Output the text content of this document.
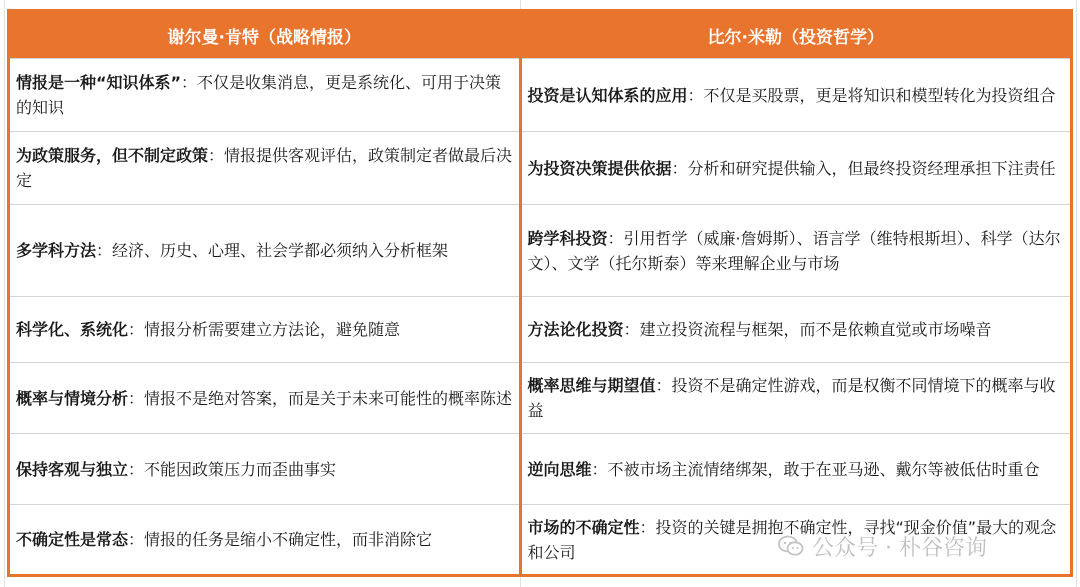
谢尔曼·肯特（战略情报）	比尔·米勒（投资哲学）
情报是一种“知识体系”：不仅是收集消息，更是系统化、可用于决策的知识	投资是认知体系的应用：不仅是买股票，更是将知识和模型转化为投资组合
为政策服务，但不制定政策：情报提供客观评估，政策制定者做最后决定	为投资决策提供依据：分析和研究提供输入，但最终投资经理承担下注责任
多学科方法：经济、历史、心理、社会学都必须纳入分析框架	跨学科投资：引用哲学（威廉·詹姆斯）、语言学（维特根斯坦）、科学（达尔文）、文学（托尔斯泰）等来理解企业与市场
科学化、系统化：情报分析需要建立方法论，避免随意	方法论化投资：建立投资流程与框架，而不是依赖直觉或市场噪音
概率与情境分析：情报不是绝对答案，而是关于未来可能性的概率陈述	概率思维与期望值：投资不是确定性游戏，而是权衡不同情境下的概率与收益
保持客观与独立：不能因政策压力而歪曲事实	逆向思维：不被市场主流情绪绑架，敢于在亚马逊、戴尔等被低估时重仓
不确定性是常态：情报的任务是缩小不确定性，而非消除它	市场的不确定性：投资的关键是拥抱不确定性，寻找“现金价值”最大的观念和公司	公众号 · 朴谷咨询
